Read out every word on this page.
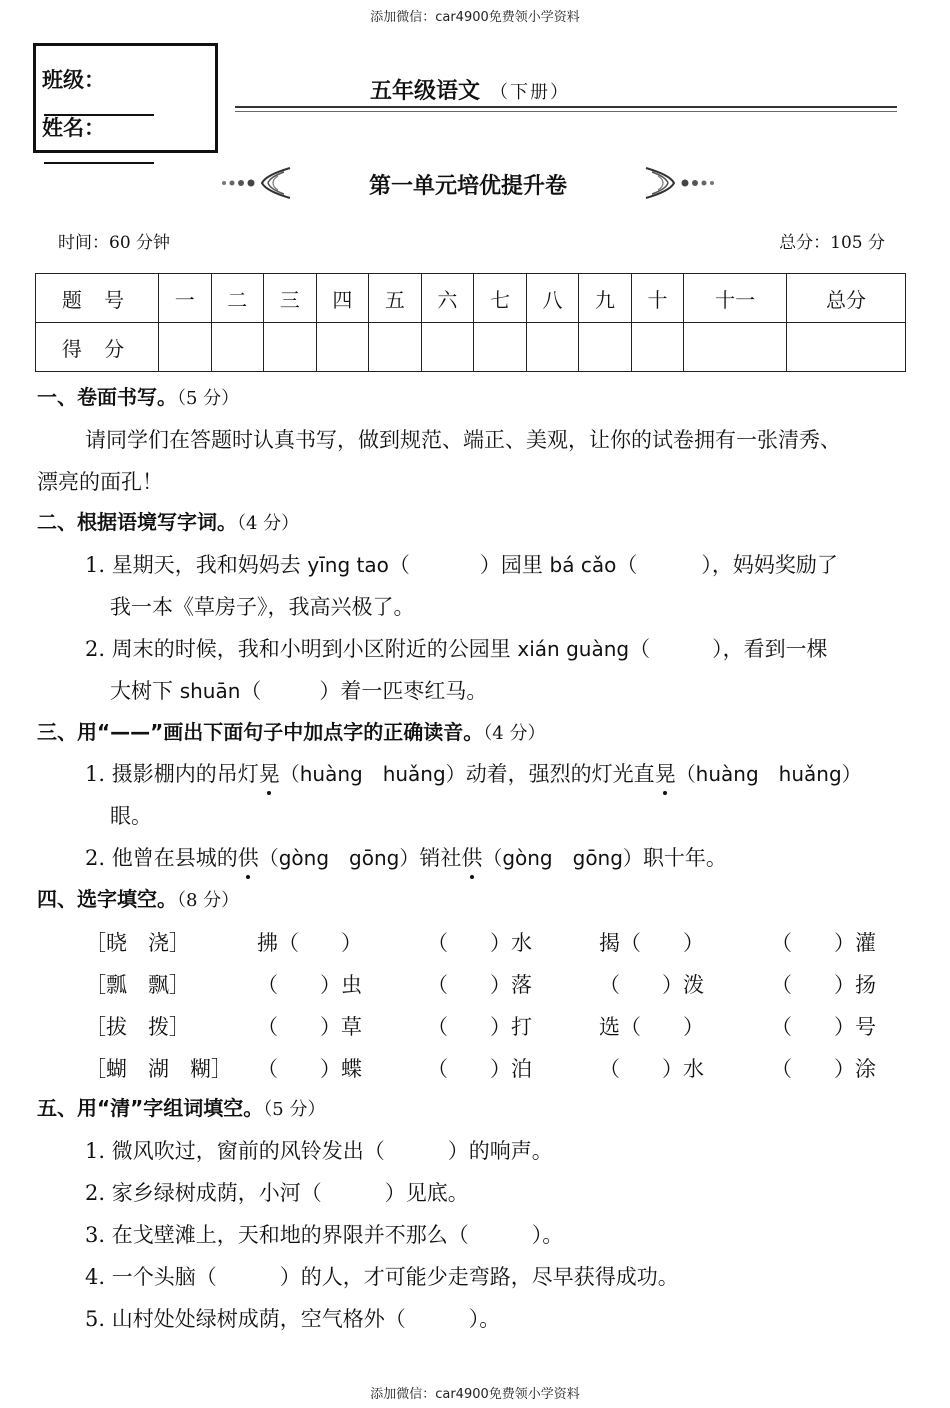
添加微信：car4900免费领小学资料
班级：
姓名：
五年级语文 （下册）
第一单元培优提升卷
时间：60 分钟	总分：105 分
题 号	一	二	三	四	五	六	七	八	九	十	十一	总分
得 分												
一、卷面书写。（5 分）
请同学们在答题时认真书写，做到规范、端正、美观，让你的试卷拥有一张清秀、
漂亮的面孔！
二、根据语境写字词。（4 分）
1. 星期天，我和妈妈去 yīng tao（	）园里 bá cǎo（	），妈妈奖励了
我一本《草房子》，我高兴极了。
2. 周末的时候，我和小明到小区附近的公园里 xián guàng（	），看到一棵
大树下 shuān（	）着一匹枣红马。
三、用“——”画出下面句子中加点字的正确读音。（4 分）
1. 摄影棚内的吊灯晃（huàng　huǎng）动着，强烈的灯光直晃（huàng　huǎng）
眼。
2. 他曾在县城的供（gòng　gōng）销社供（gòng　gōng）职十年。
四、选字填空。（8 分）
［晓　浇］	拂（　　）	（　　）水	揭（　　）	（　　）灌
［瓢　飘］	（　　）虫	（　　）落	（　　）泼	（　　）扬
［拔　拨］	（　　）草	（　　）打	选（　　）	（　　）号
［蝴　湖　糊］ （　　）蝶	（　　）泊	（　　）水	（　　）涂
五、用“清”字组词填空。（5 分）
1. 微风吹过，窗前的风铃发出（　　　）的响声。
2. 家乡绿树成荫，小河（　　　）见底。
3. 在戈壁滩上，天和地的界限并不那么（　　　）。
4. 一个头脑（　　　）的人，才可能少走弯路，尽早获得成功。
5. 山村处处绿树成荫，空气格外（　　　）。
添加微信：car4900免费领小学资料
